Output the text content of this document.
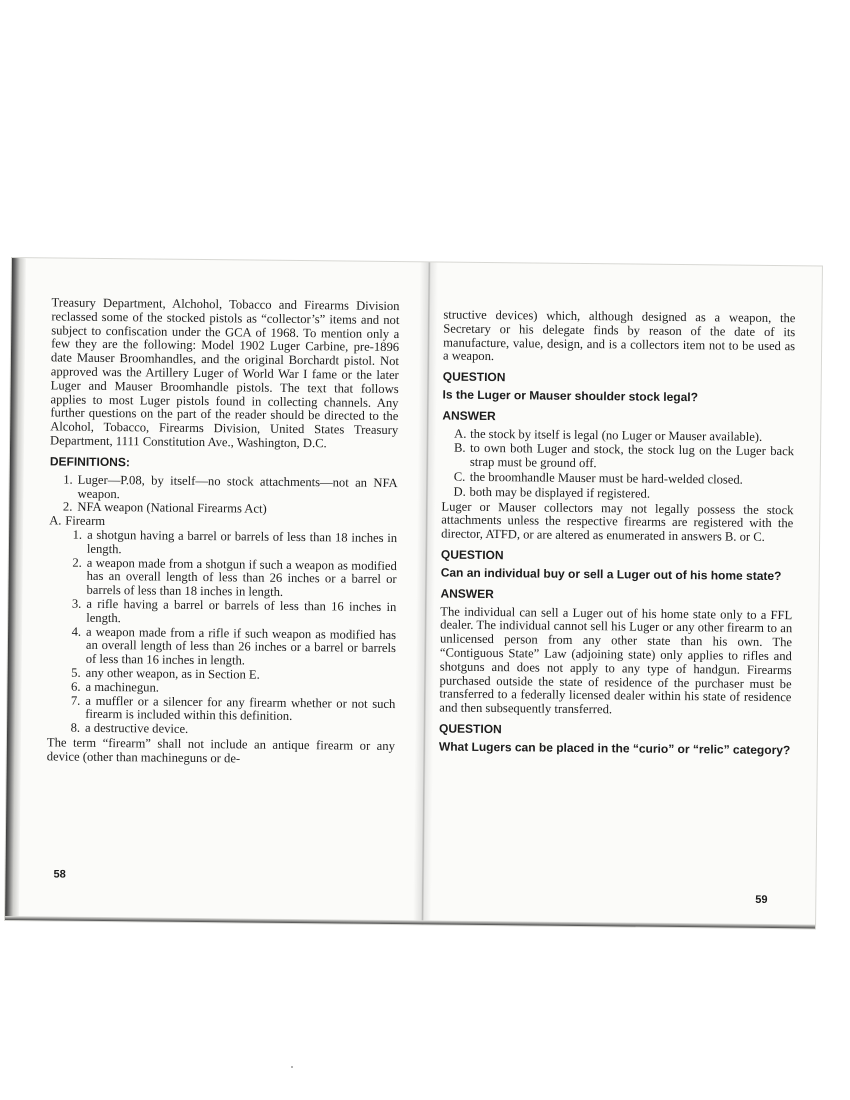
Treasury Department, Alchohol, Tobacco and Firearms Division reclassed some of the stocked pistols as “collector’s” items and not subject to confiscation under the GCA of 1968. To mention only a few they are the following: Model 1902 Luger Carbine, pre-1896 date Mauser Broomhandles, and the original Borchardt pistol. Not approved was the Artillery Luger of World War I fame or the later Luger and Mauser Broomhandle pistols. The text that follows applies to most Luger pistols found in collecting channels. Any further questions on the part of the reader should be directed to the Alcohol, Tobacco, Firearms Division, United States Treasury Department, 1111 Constitution Ave., Washington, D.C.

DEFINITIONS:
1. Luger—P.08, by itself—no stock attachments—not an NFA weapon.
2. NFA weapon (National Firearms Act)
A. Firearm
1. a shotgun having a barrel or barrels of less than 18 inches in length.
2. a weapon made from a shotgun if such a weapon as modified has an overall length of less than 26 inches or a barrel or barrels of less than 18 inches in length.
3. a rifle having a barrel or barrels of less than 16 inches in length.
4. a weapon made from a rifle if such weapon as modified has an overall length of less than 26 inches or a barrel or barrels of less than 16 inches in length.
5. any other weapon, as in Section E.
6. a machinegun.
7. a muffler or a silencer for any firearm whether or not such firearm is included within this definition.
8. a destructive device.

The term “firearm” shall not include an antique firearm or any device (other than machineguns or de-

58

structive devices) which, although designed as a weapon, the Secretary or his delegate finds by reason of the date of its manufacture, value, design, and is a collectors item not to be used as a weapon.

QUESTION
Is the Luger or Mauser shoulder stock legal?
ANSWER
A. the stock by itself is legal (no Luger or Mauser available).
B. to own both Luger and stock, the stock lug on the Luger back strap must be ground off.
C. the broomhandle Mauser must be hard-welded closed.
D. both may be displayed if registered.

Luger or Mauser collectors may not legally possess the stock attachments unless the respective firearms are registered with the director, ATFD, or are altered as enumerated in answers B. or C.

QUESTION
Can an individual buy or sell a Luger out of his home state?
ANSWER

The individual can sell a Luger out of his home state only to a FFL dealer. The individual cannot sell his Luger or any other firearm to an unlicensed person from any other state than his own. The “Contiguous State” Law (adjoining state) only applies to rifles and shotguns and does not apply to any type of handgun. Firearms purchased outside the state of residence of the purchaser must be transferred to a federally licensed dealer within his state of residence and then subsequently transferred.

QUESTION
What Lugers can be placed in the “curio” or “relic” category?
59
